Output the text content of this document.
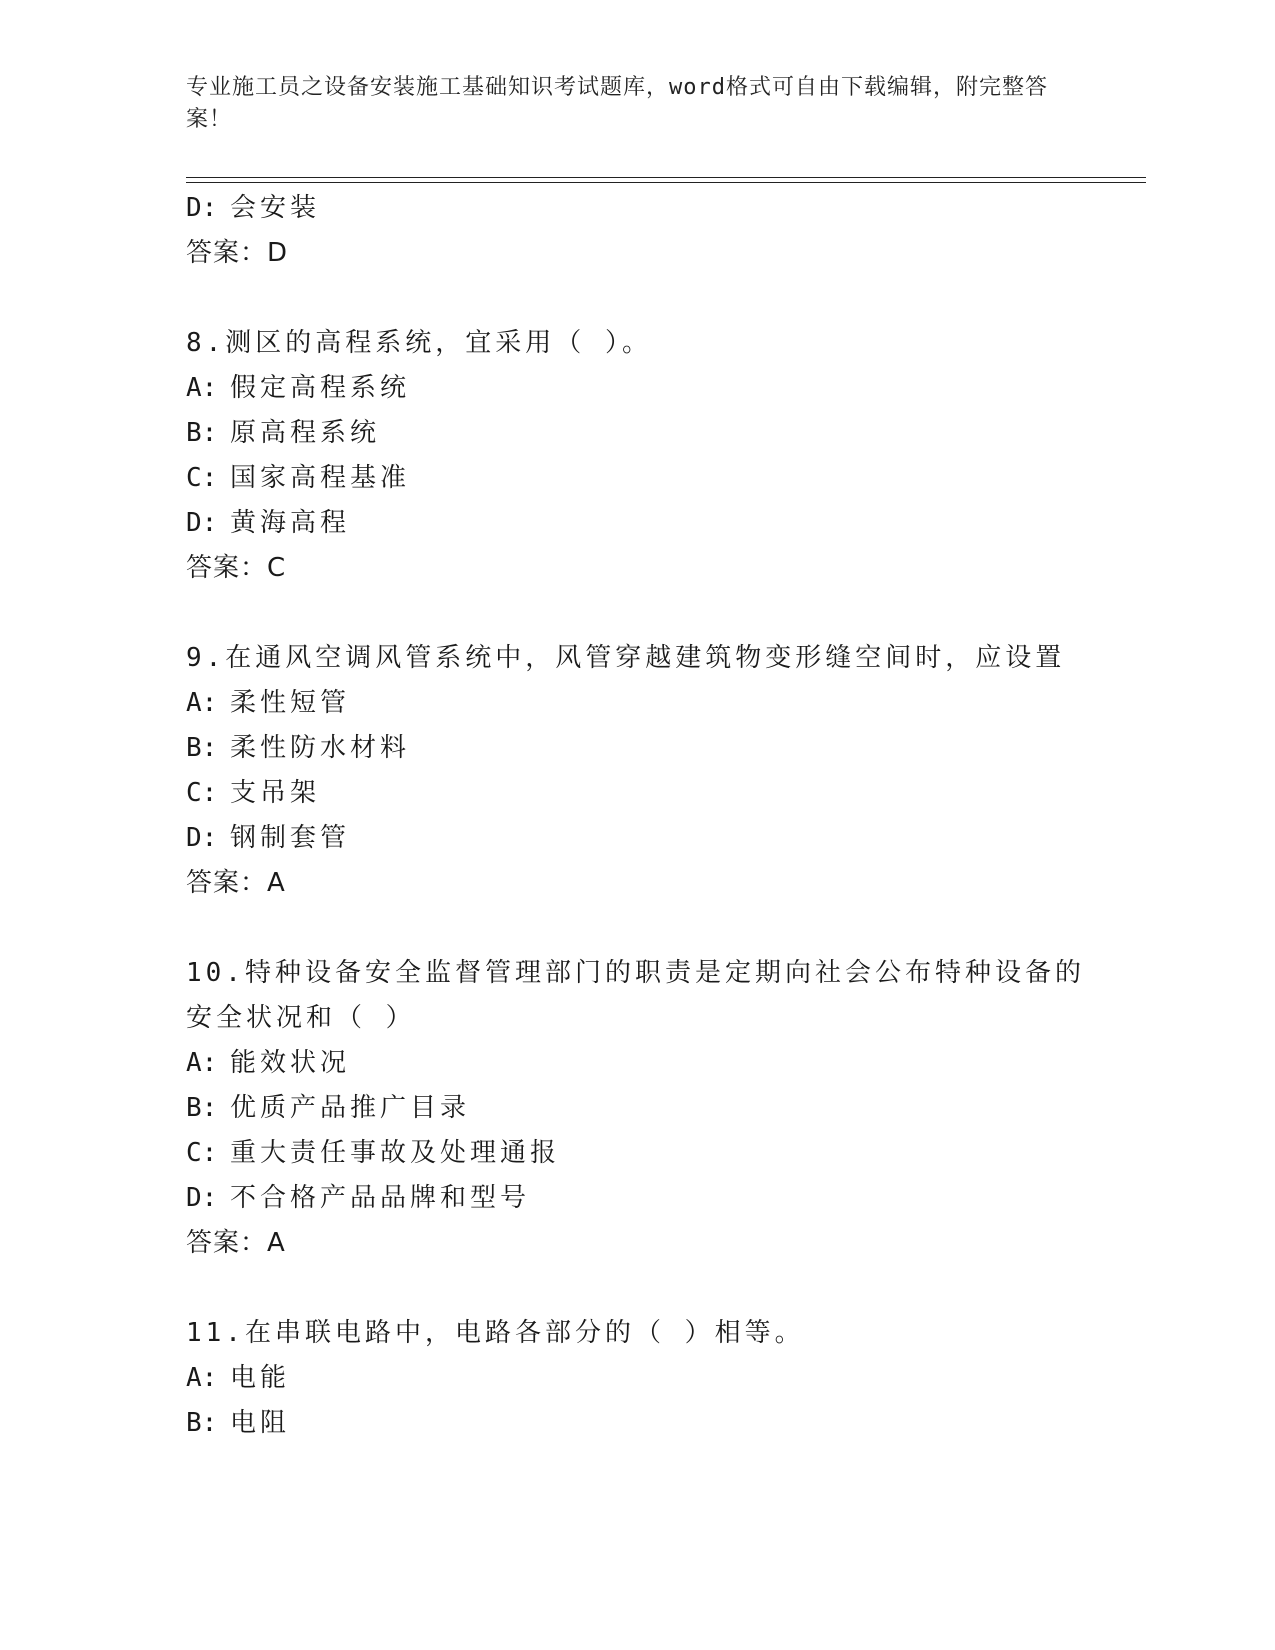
专业施工员之设备安装施工基础知识考试题库，word格式可自由下载编辑，附完整答案！
D: 会安装
答案：D
8.测区的高程系统，宜采用（ ）。
A: 假定高程系统
B: 原高程系统
C: 国家高程基准
D: 黄海高程
答案：C
9.在通风空调风管系统中，风管穿越建筑物变形缝空间时，应设置
A: 柔性短管
B: 柔性防水材料
C: 支吊架
D: 钢制套管
答案：A
10.特种设备安全监督管理部门的职责是定期向社会公布特种设备的安全状况和（ ）
A: 能效状况
B: 优质产品推广目录
C: 重大责任事故及处理通报
D: 不合格产品品牌和型号
答案：A
11.在串联电路中，电路各部分的（ ）相等。
A: 电能
B: 电阻
